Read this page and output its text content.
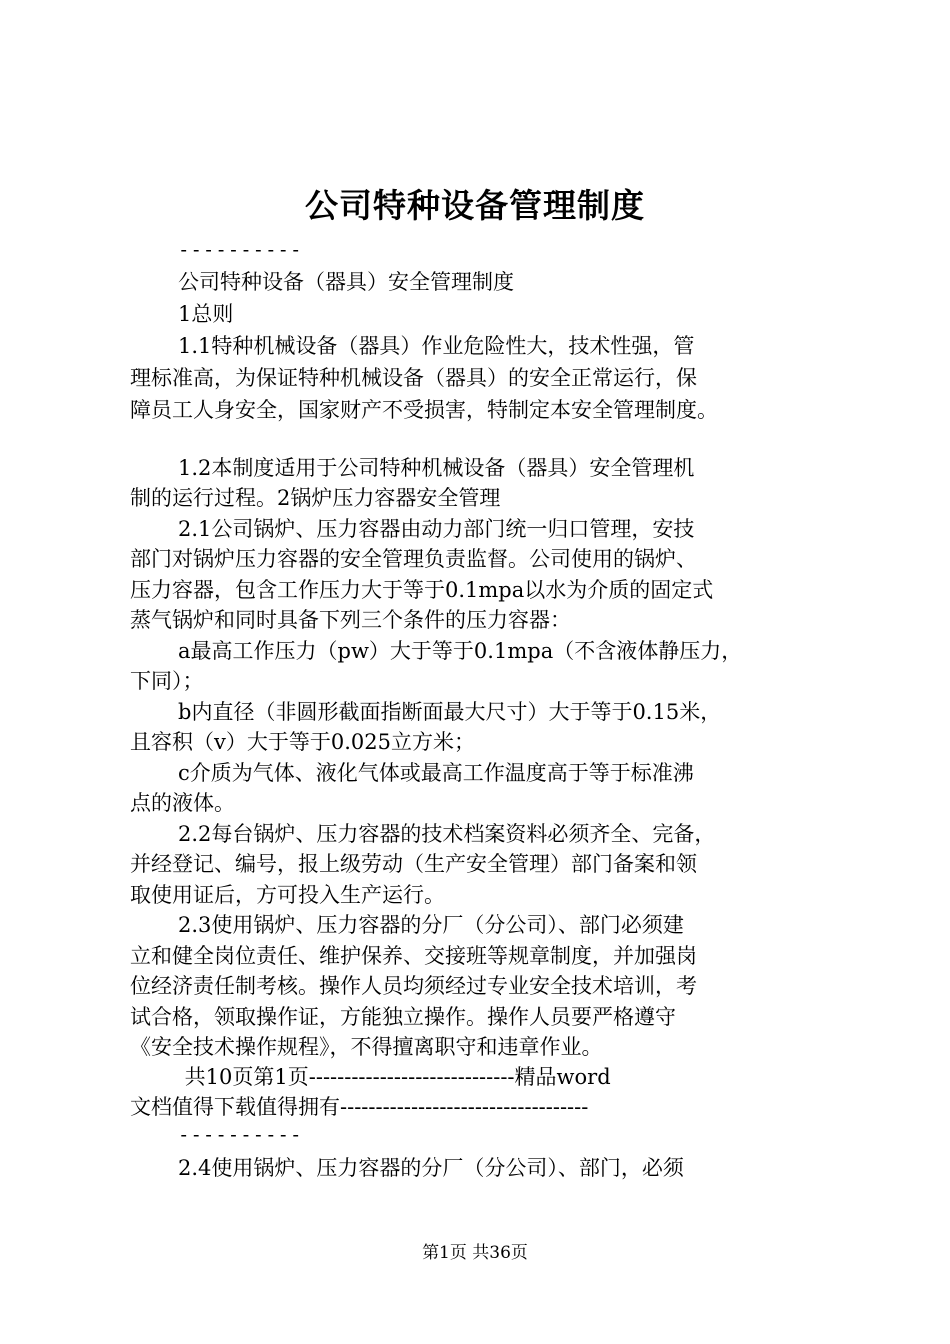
公司特种设备管理制度
----------
公司特种设备（器具）安全管理制度
1总则
1.1特种机械设备（器具）作业危险性大，技术性强，管
理标准高，为保证特种机械设备（器具）的安全正常运行，保
障员工人身安全，国家财产不受损害，特制定本安全管理制度。
1.2本制度适用于公司特种机械设备（器具）安全管理机
制的运行过程。2锅炉压力容器安全管理
2.1公司锅炉、压力容器由动力部门统一归口管理，安技
部门对锅炉压力容器的安全管理负责监督。公司使用的锅炉、
压力容器，包含工作压力大于等于0.1mpa以水为介质的固定式
蒸气锅炉和同时具备下列三个条件的压力容器：
a最高工作压力（pw）大于等于0.1mpa（不含液体静压力，
下同）；
b内直径（非圆形截面指断面最大尺寸）大于等于0.15米，
且容积（v）大于等于0.025立方米；
c介质为气体、液化气体或最高工作温度高于等于标准沸
点的液体。
2.2每台锅炉、压力容器的技术档案资料必须齐全、完备，
并经登记、编号，报上级劳动（生产安全管理）部门备案和领
取使用证后，方可投入生产运行。
2.3使用锅炉、压力容器的分厂（分公司）、部门必须建
立和健全岗位责任、维护保养、交接班等规章制度，并加强岗
位经济责任制考核。操作人员均须经过专业安全技术培训，考
试合格，领取操作证，方能独立操作。操作人员要严格遵守
《安全技术操作规程》，不得擅离职守和违章作业。
共10页第1页-----------------------------精品word
文档值得下载值得拥有-----------------------------------
----------
2.4使用锅炉、压力容器的分厂（分公司）、部门，必须
第1页 共36页
